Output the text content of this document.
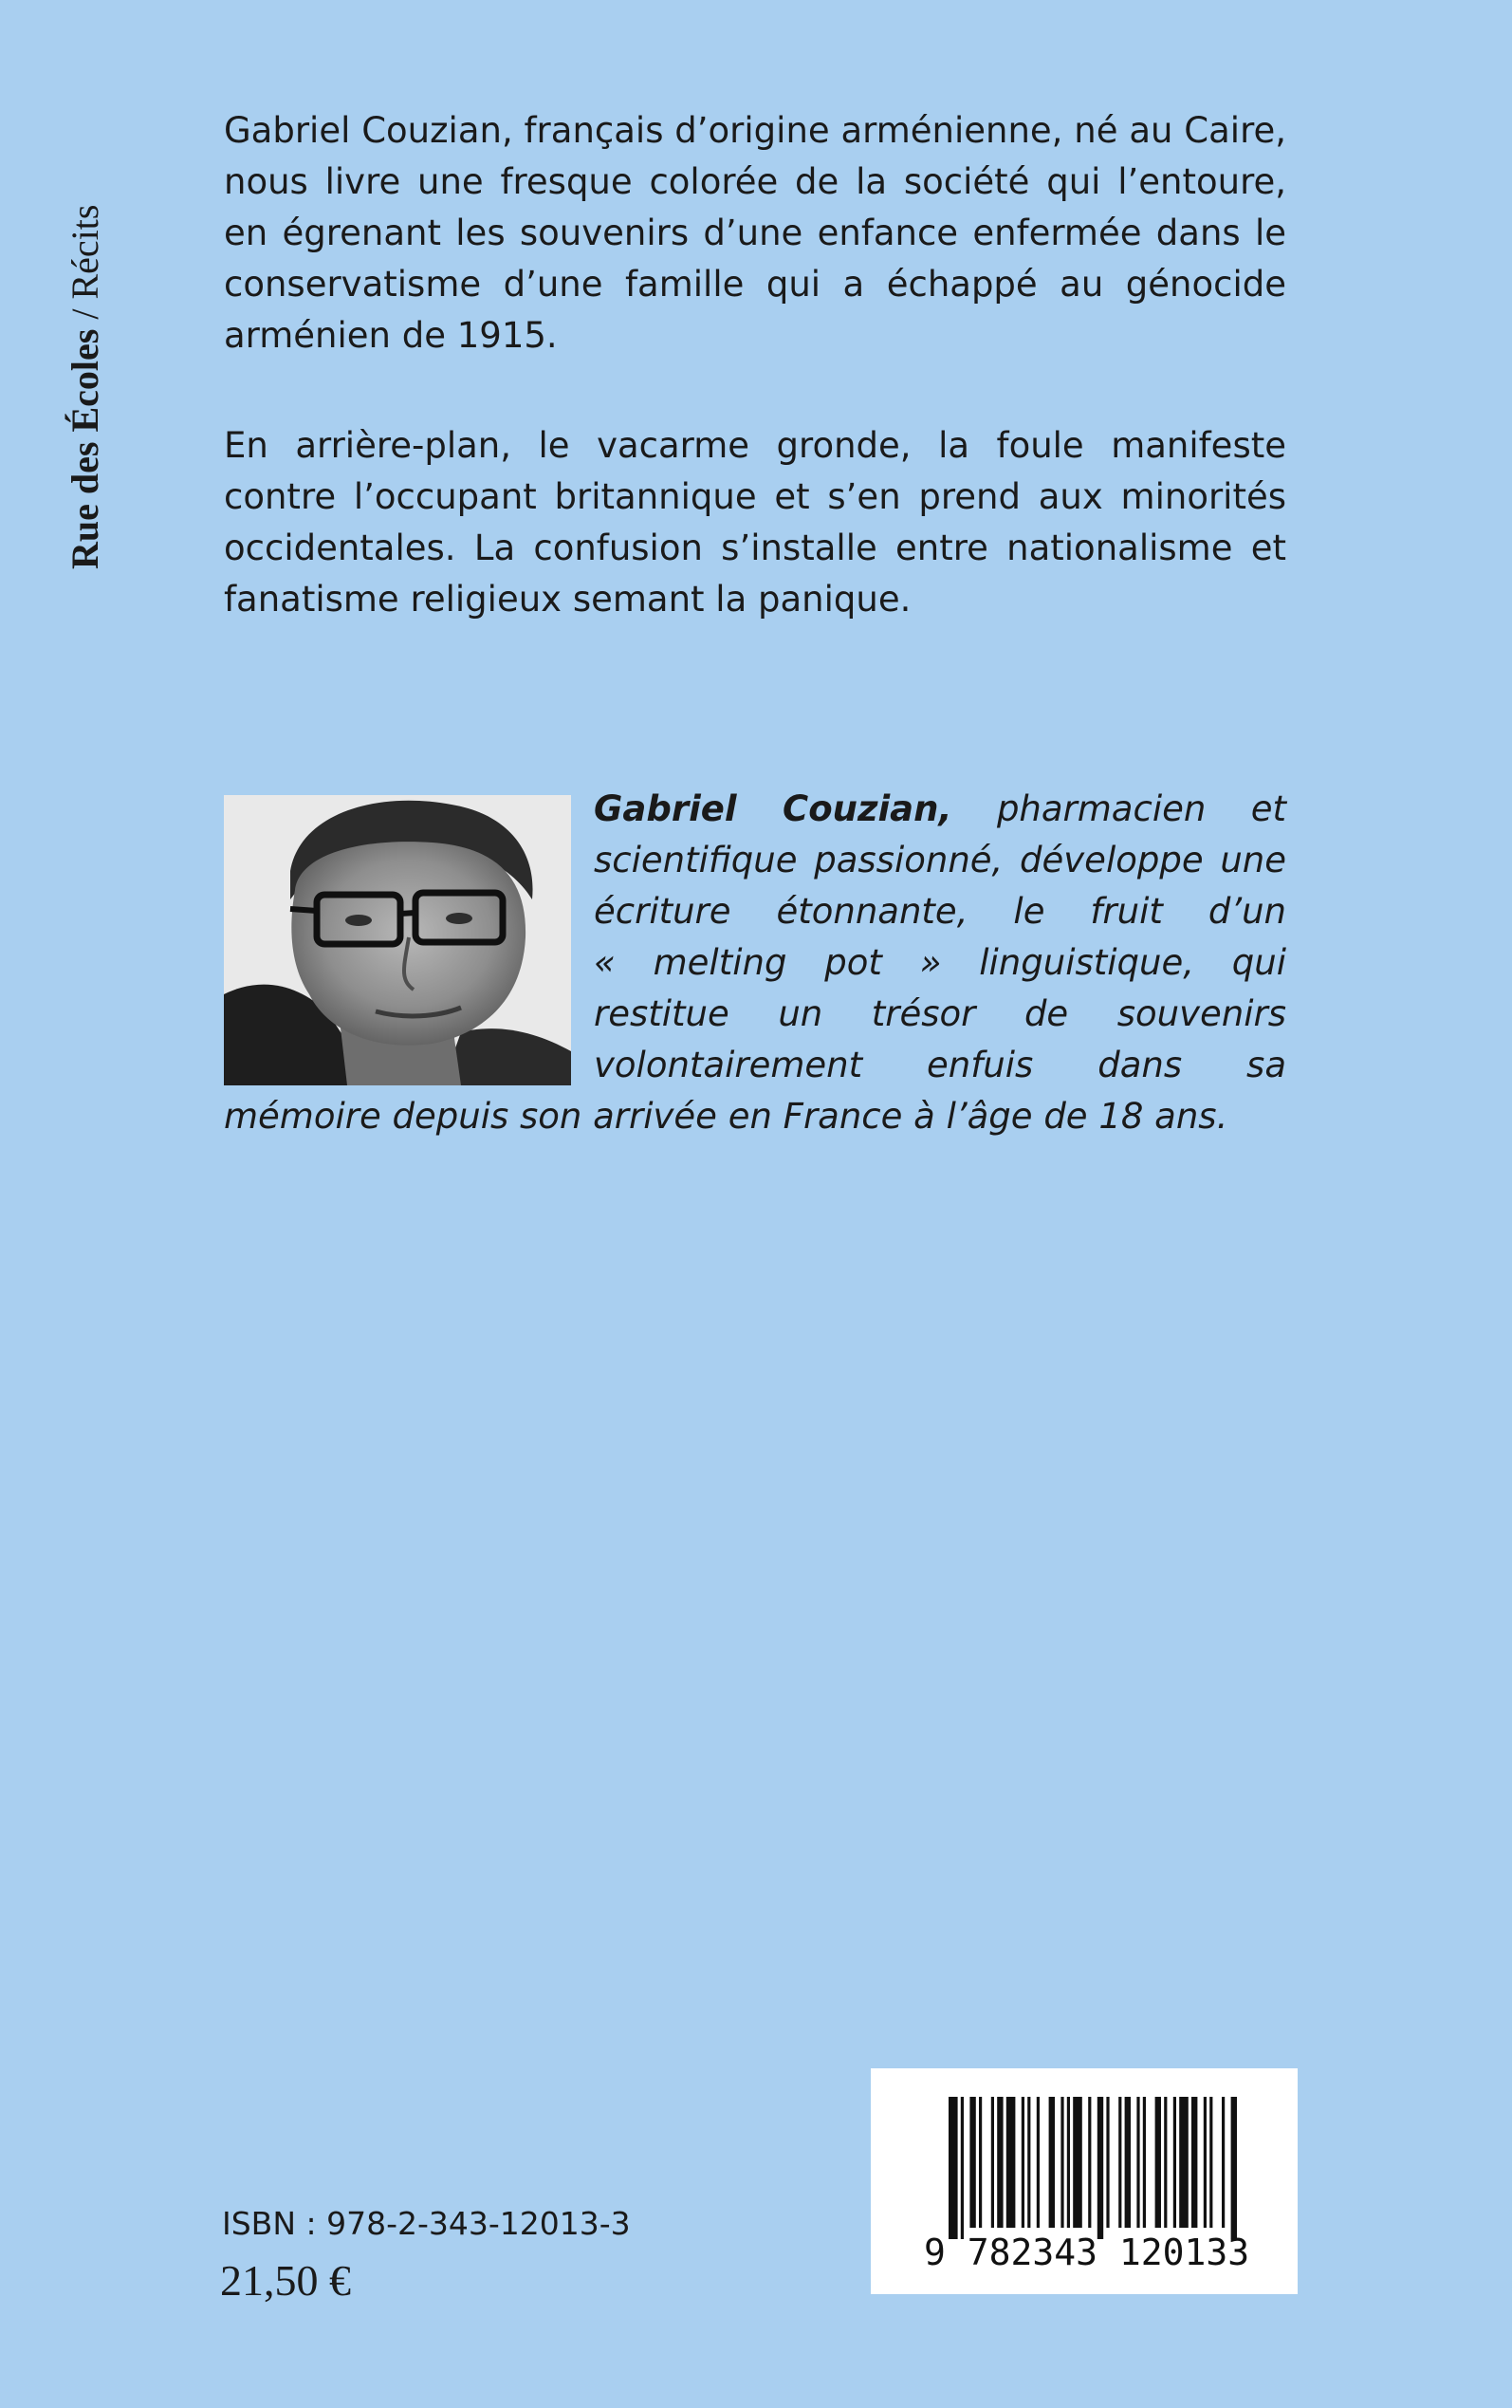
Rue des Écoles / Récits

Gabriel Couzian, français d’origine arménienne, né au Caire, nous livre une fresque colorée de la société qui l’entoure, en égrenant les souvenirs d’une enfance enfermée dans le conservatisme d’une famille qui a échappé au génocide arménien de 1915.

En arrière-plan, le vacarme gronde, la foule manifeste contre l’occupant britannique et s’en prend aux minorités occidentales. La confusion s’installe entre nationalisme et fanatisme religieux semant la panique.

Gabriel Couzian, pharmacien et scientifique passionné, développe une écriture étonnante, le fruit d’un « melting pot » linguistique, qui restitue un trésor de souvenirs volontairement enfuis dans sa mémoire depuis son arrivée en France à l’âge de 18 ans.

ISBN : 978-2-343-12013-3
21,50 €
9 782343 120133
